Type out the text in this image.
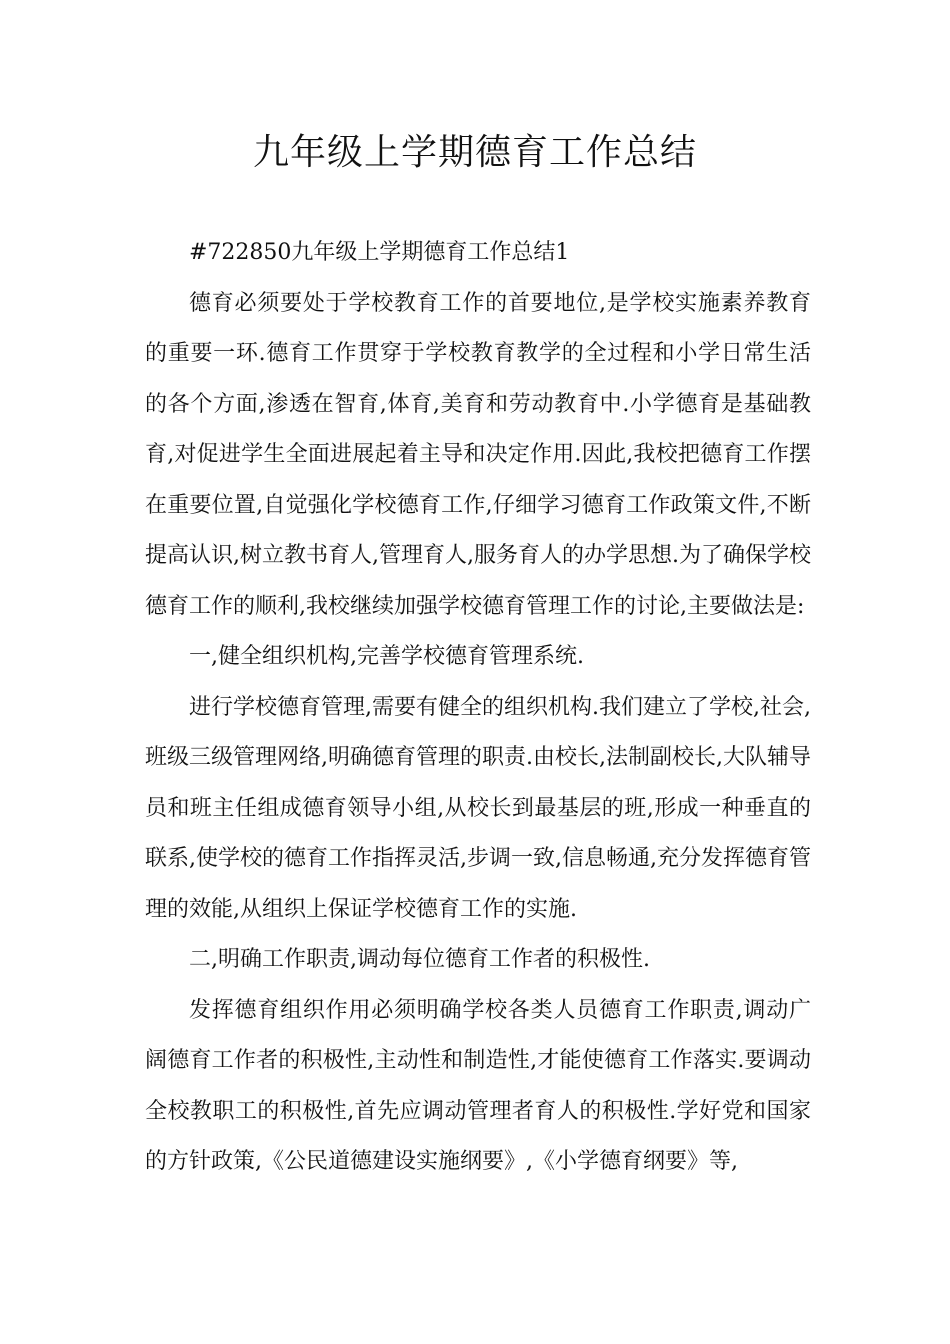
九年级上学期德育工作总结

#722850九年级上学期德育工作总结1

德育必须要处于学校教育工作的首要地位,是学校实施素养教育的重要一环.德育工作贯穿于学校教育教学的全过程和小学日常生活的各个方面,渗透在智育,体育,美育和劳动教育中.小学德育是基础教育,对促进学生全面进展起着主导和决定作用.因此,我校把德育工作摆在重要位置,自觉强化学校德育工作,仔细学习德育工作政策文件,不断提高认识,树立教书育人,管理育人,服务育人的办学思想.为了确保学校德育工作的顺利,我校继续加强学校德育管理工作的讨论,主要做法是:

一,健全组织机构,完善学校德育管理系统.

进行学校德育管理,需要有健全的组织机构.我们建立了学校,社会,班级三级管理网络,明确德育管理的职责.由校长,法制副校长,大队辅导员和班主任组成德育领导小组,从校长到最基层的班,形成一种垂直的联系,使学校的德育工作指挥灵活,步调一致,信息畅通,充分发挥德育管理的效能,从组织上保证学校德育工作的实施.

二,明确工作职责,调动每位德育工作者的积极性.

发挥德育组织作用必须明确学校各类人员德育工作职责,调动广阔德育工作者的积极性,主动性和制造性,才能使德育工作落实.要调动全校教职工的积极性,首先应调动管理者育人的积极性.学好党和国家的方针政策,《公民道德建设实施纲要》,《小学德育纲要》等,
